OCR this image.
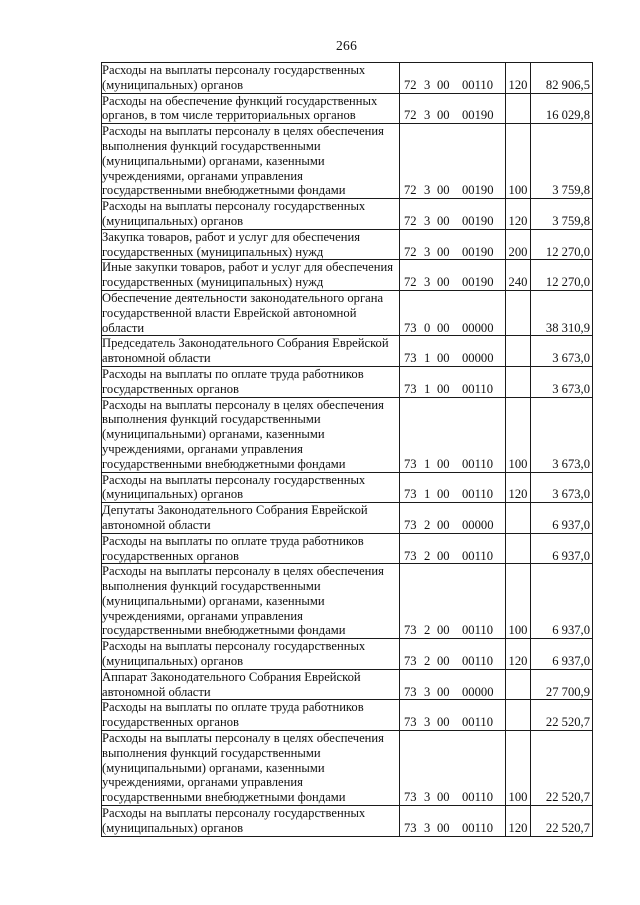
266
Расходы на выплаты персоналу государственных
(муниципальных) органов	72 3 00 00110	120	82 906,5

Расходы на обеспечение функций государственных
органов, в том числе территориальных органов	72 3 00 00190		16 029,8

Расходы на выплаты персоналу в целях обеспечения
выполнения функций государственными
(муниципальными) органами, казенными
учреждениями, органами управления
государственными внебюджетными фондами	72 3 00 00190	100	3 759,8

Расходы на выплаты персоналу государственных
(муниципальных) органов	72 3 00 00190	120	3 759,8

Закупка товаров, работ и услуг для обеспечения
государственных (муниципальных) нужд	72 3 00 00190	200	12 270,0

Иные закупки товаров, работ и услуг для обеспечения
государственных (муниципальных) нужд	72 3 00 00190	240	12 270,0

Обеспечение деятельности законодательного органа
государственной власти Еврейской автономной
области	73 0 00 00000		38 310,9

Председатель Законодательного Собрания Еврейской
автономной области	73 1 00 00000		3 673,0

Расходы на выплаты по оплате труда работников
государственных органов	73 1 00 00110		3 673,0

Расходы на выплаты персоналу в целях обеспечения
выполнения функций государственными
(муниципальными) органами, казенными
учреждениями, органами управления
государственными внебюджетными фондами	73 1 00 00110	100	3 673,0

Расходы на выплаты персоналу государственных
(муниципальных) органов	73 1 00 00110	120	3 673,0

Депутаты Законодательного Собрания Еврейской
автономной области	73 2 00 00000		6 937,0

Расходы на выплаты по оплате труда работников
государственных органов	73 2 00 00110		6 937,0

Расходы на выплаты персоналу в целях обеспечения
выполнения функций государственными
(муниципальными) органами, казенными
учреждениями, органами управления
государственными внебюджетными фондами	73 2 00 00110	100	6 937,0

Расходы на выплаты персоналу государственных
(муниципальных) органов	73 2 00 00110	120	6 937,0

Аппарат Законодательного Собрания Еврейской
автономной области	73 3 00 00000		27 700,9

Расходы на выплаты по оплате труда работников
государственных органов	73 3 00 00110		22 520,7

Расходы на выплаты персоналу в целях обеспечения
выполнения функций государственными
(муниципальными) органами, казенными
учреждениями, органами управления
государственными внебюджетными фондами	73 3 00 00110	100	22 520,7

Расходы на выплаты персоналу государственных
(муниципальных) органов	73 3 00 00110	120	22 520,7
